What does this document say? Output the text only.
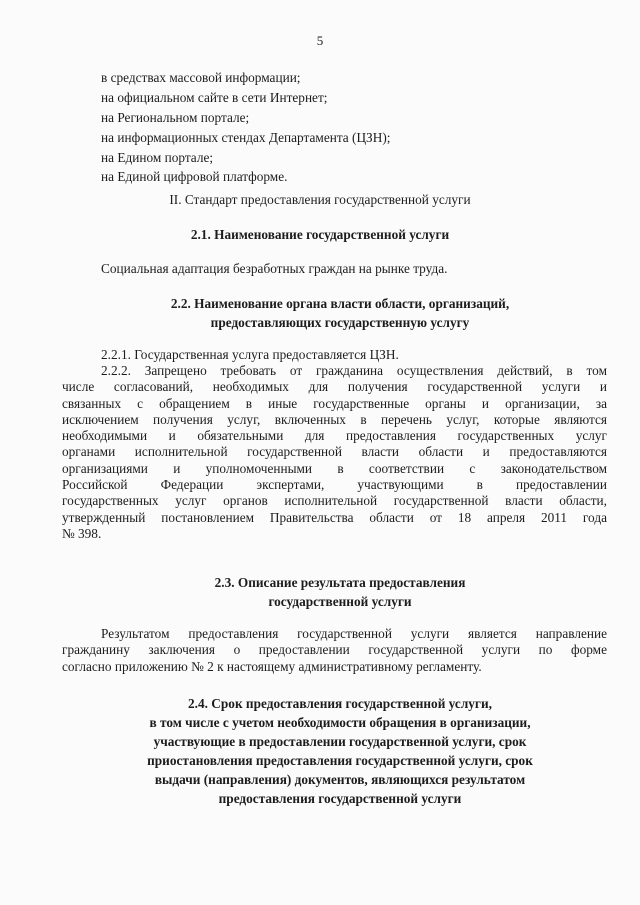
5
в средствах массовой информации;
на официальном сайте в сети Интернет;
на Региональном портале;
на информационных стендах Департамента (ЦЗН);
на Едином портале;
на Единой цифровой платформе.
II. Стандарт предоставления государственной услуги
2.1. Наименование государственной услуги
Социальная адаптация безработных граждан на рынке труда.
2.2. Наименование органа власти области, организаций,
предоставляющих государственную услугу
2.2.1. Государственная услуга предоставляется ЦЗН.
2.2.2. Запрещено требовать от гражданина осуществления действий, в том
числе согласований, необходимых для получения государственной услуги и
связанных с обращением в иные государственные органы и организации, за
исключением получения услуг, включенных в перечень услуг, которые являются
необходимыми и обязательными для предоставления государственных услуг
органами исполнительной государственной власти области и предоставляются
организациями и уполномоченными в соответствии с законодательством
Российской Федерации экспертами, участвующими в предоставлении
государственных услуг органов исполнительной государственной власти области,
утвержденный постановлением Правительства области от 18 апреля 2011 года
№ 398.
2.3. Описание результата предоставления
государственной услуги
Результатом предоставления государственной услуги является направление
гражданину заключения о предоставлении государственной услуги по форме
согласно приложению № 2 к настоящему административному регламенту.
2.4. Срок предоставления государственной услуги,
в том числе с учетом необходимости обращения в организации,
участвующие в предоставлении государственной услуги, срок
приостановления предоставления государственной услуги, срок
выдачи (направления) документов, являющихся результатом
предоставления государственной услуги
